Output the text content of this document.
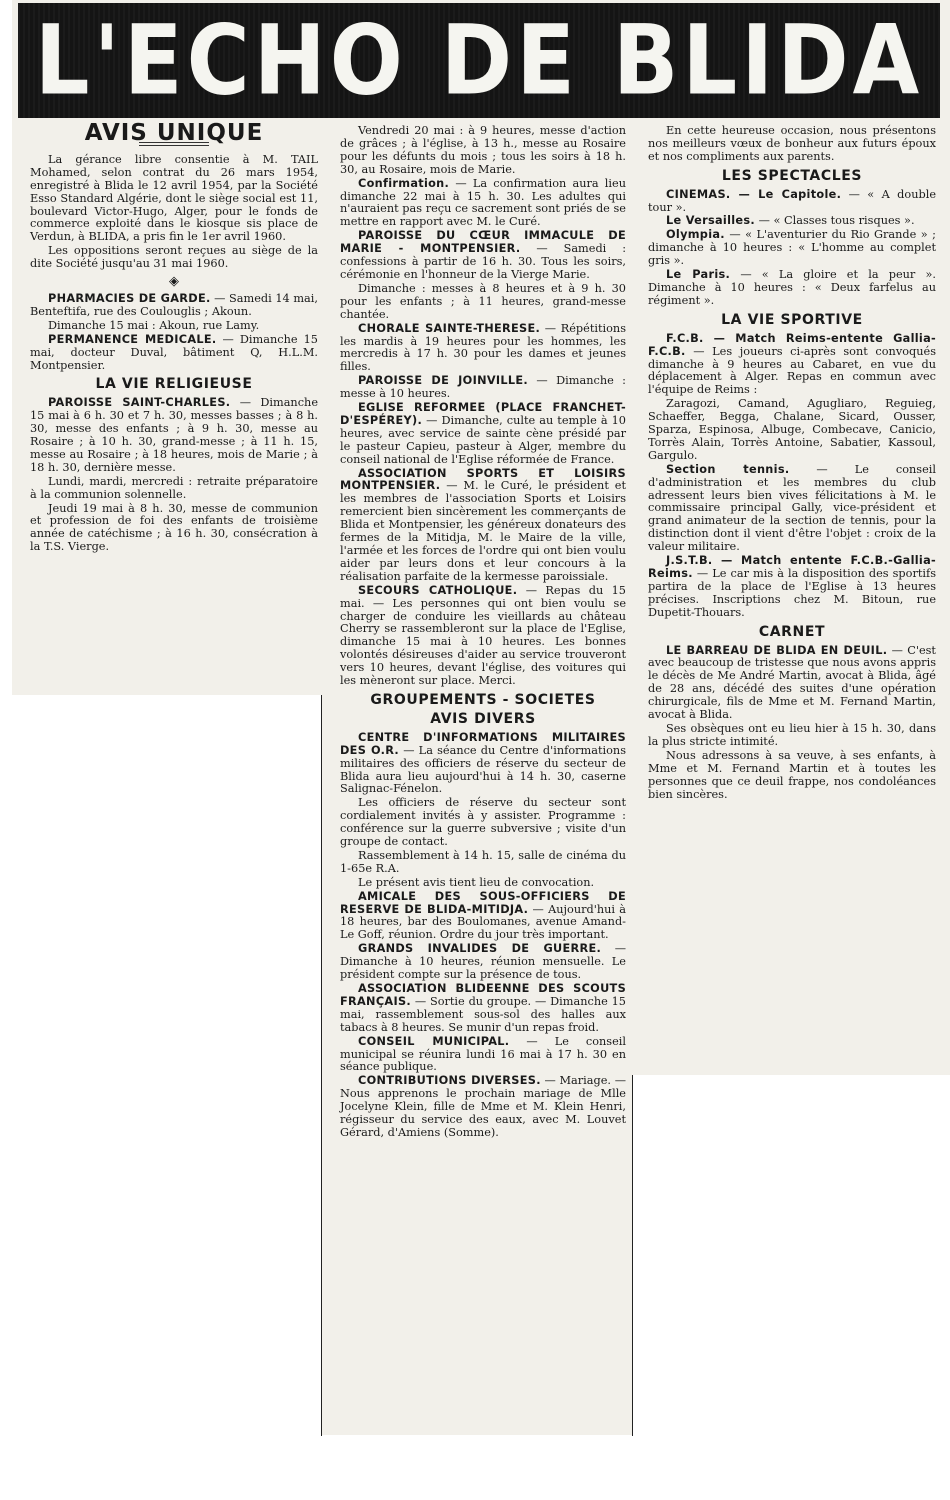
L'ECHO DE BLIDA
AVIS UNIQUE

La gérance libre consentie à M. TAIL Mohamed, selon contrat du 26 mars 1954, enregistré à Blida le 12 avril 1954, par la Société Esso Standard Algérie, dont le siège social est 11, boulevard Victor-Hugo, Alger, pour le fonds de commerce exploité dans le kiosque sis place de Verdun, à BLIDA, a pris fin le 1er avril 1960.

Les oppositions seront reçues au siège de la dite Société jusqu'au 31 mai 1960.

◈

PHARMACIES DE GARDE. — Samedi 14 mai, Benteftifa, rue des Coulouglis ; Akoun.

Dimanche 15 mai : Akoun, rue Lamy.

PERMANENCE MEDICALE. — Dimanche 15 mai, docteur Duval, bâtiment Q, H.L.M. Montpensier.

LA VIE RELIGIEUSE

PAROISSE SAINT-CHARLES. — Dimanche 15 mai à 6 h. 30 et 7 h. 30, messes basses ; à 8 h. 30, messe des enfants ; à 9 h. 30, messe au Rosaire ; à 10 h. 30, grand-messe ; à 11 h. 15, messe au Rosaire ; à 18 heures, mois de Marie ; à 18 h. 30, dernière messe.

Lundi, mardi, mercredi : retraite préparatoire à la communion solennelle.

Jeudi 19 mai à 8 h. 30, messe de communion et profession de foi des enfants de troisième année de catéchisme ; à 16 h. 30, consécration à la T.S. Vierge.

Vendredi 20 mai : à 9 heures, messe d'action de grâces ; à l'église, à 13 h., messe au Rosaire pour les défunts du mois ; tous les soirs à 18 h. 30, au Rosaire, mois de Marie.

Confirmation. — La confirmation aura lieu dimanche 22 mai à 15 h. 30. Les adultes qui n'auraient pas reçu ce sacrement sont priés de se mettre en rapport avec M. le Curé.

PAROISSE DU CŒUR IMMACULE DE MARIE - MONTPENSIER. — Samedi : confessions à partir de 16 h. 30. Tous les soirs, cérémonie en l'honneur de la Vierge Marie.

Dimanche : messes à 8 heures et à 9 h. 30 pour les enfants ; à 11 heures, grand-messe chantée.

CHORALE SAINTE-THERESE. — Répétitions les mardis à 19 heures pour les hommes, les mercredis à 17 h. 30 pour les dames et jeunes filles.

PAROISSE DE JOINVILLE. — Dimanche : messe à 10 heures.

EGLISE REFORMEE (PLACE FRANCHET-D'ESPÉREY). — Dimanche, culte au temple à 10 heures, avec service de sainte cène présidé par le pasteur Capieu, pasteur à Alger, membre du conseil national de l'Eglise réformée de France.

ASSOCIATION SPORTS ET LOISIRS MONTPENSIER. — M. le Curé, le président et les membres de l'association Sports et Loisirs remercient bien sincèrement les commerçants de Blida et Montpensier, les généreux donateurs des fermes de la Mitidja, M. le Maire de la ville, l'armée et les forces de l'ordre qui ont bien voulu aider par leurs dons et leur concours à la réalisation parfaite de la kermesse paroissiale.

SECOURS CATHOLIQUE. — Repas du 15 mai. — Les personnes qui ont bien voulu se charger de conduire les vieillards au château Cherry se rassembleront sur la place de l'Eglise, dimanche 15 mai à 10 heures. Les bonnes volontés désireuses d'aider au service trouveront vers 10 heures, devant l'église, des voitures qui les mèneront sur place. Merci.

GROUPEMENTS - SOCIETES
AVIS DIVERS

CENTRE D'INFORMATIONS MILITAIRES DES O.R. — La séance du Centre d'informations militaires des officiers de réserve du secteur de Blida aura lieu aujourd'hui à 14 h. 30, caserne Salignac-Fénelon.

Les officiers de réserve du secteur sont cordialement invités à y assister. Programme : conférence sur la guerre subversive ; visite d'un groupe de contact.

Rassemblement à 14 h. 15, salle de cinéma du 1-65e R.A.

Le présent avis tient lieu de convocation.

AMICALE DES SOUS-OFFICIERS DE RESERVE DE BLIDA-MITIDJA. — Aujourd'hui à 18 heures, bar des Boulomanes, avenue Amand-Le Goff, réunion. Ordre du jour très important.

GRANDS INVALIDES DE GUERRE. — Dimanche à 10 heures, réunion mensuelle. Le président compte sur la présence de tous.

ASSOCIATION BLIDEENNE DES SCOUTS FRANÇAIS. — Sortie du groupe. — Dimanche 15 mai, rassemblement sous-sol des halles aux tabacs à 8 heures. Se munir d'un repas froid.

CONSEIL MUNICIPAL. — Le conseil municipal se réunira lundi 16 mai à 17 h. 30 en séance publique.

CONTRIBUTIONS DIVERSES. — Mariage. — Nous apprenons le prochain mariage de Mlle Jocelyne Klein, fille de Mme et M. Klein Henri, régisseur du service des eaux, avec M. Louvet Gérard, d'Amiens (Somme).

En cette heureuse occasion, nous présentons nos meilleurs vœux de bonheur aux futurs époux et nos compliments aux parents.

LES SPECTACLES

CINEMAS. — Le Capitole. — « A double tour ».

Le Versailles. — « Classes tous risques ».

Olympia. — « L'aventurier du Rio Grande » ; dimanche à 10 heures : « L'homme au complet gris ».

Le Paris. — « La gloire et la peur ». Dimanche à 10 heures : « Deux farfelus au régiment ».

LA VIE SPORTIVE

F.C.B. — Match Reims-entente Gallia-F.C.B. — Les joueurs ci-après sont convoqués dimanche à 9 heures au Cabaret, en vue du déplacement à Alger. Repas en commun avec l'équipe de Reims :

Zaragozi, Camand, Agugliaro, Reguieg, Schaeffer, Begga, Chalane, Sicard, Ousser, Sparza, Espinosa, Albuge, Combecave, Canicio, Torrès Alain, Torrès Antoine, Sabatier, Kassoul, Gargulo.

Section tennis. — Le conseil d'administration et les membres du club adressent leurs bien vives félicitations à M. le commissaire principal Gally, vice-président et grand animateur de la section de tennis, pour la distinction dont il vient d'être l'objet : croix de la valeur militaire.

J.S.T.B. — Match entente F.C.B.-Gallia-Reims. — Le car mis à la disposition des sportifs partira de la place de l'Eglise à 13 heures précises. Inscriptions chez M. Bitoun, rue Dupetit-Thouars.

CARNET

LE BARREAU DE BLIDA EN DEUIL. — C'est avec beaucoup de tristesse que nous avons appris le décès de Me André Martin, avocat à Blida, âgé de 28 ans, décédé des suites d'une opération chirurgicale, fils de Mme et M. Fernand Martin, avocat à Blida.

Ses obsèques ont eu lieu hier à 15 h. 30, dans la plus stricte intimité.

Nous adressons à sa veuve, à ses enfants, à Mme et M. Fernand Martin et à toutes les personnes que ce deuil frappe, nos condoléances bien sincères.
